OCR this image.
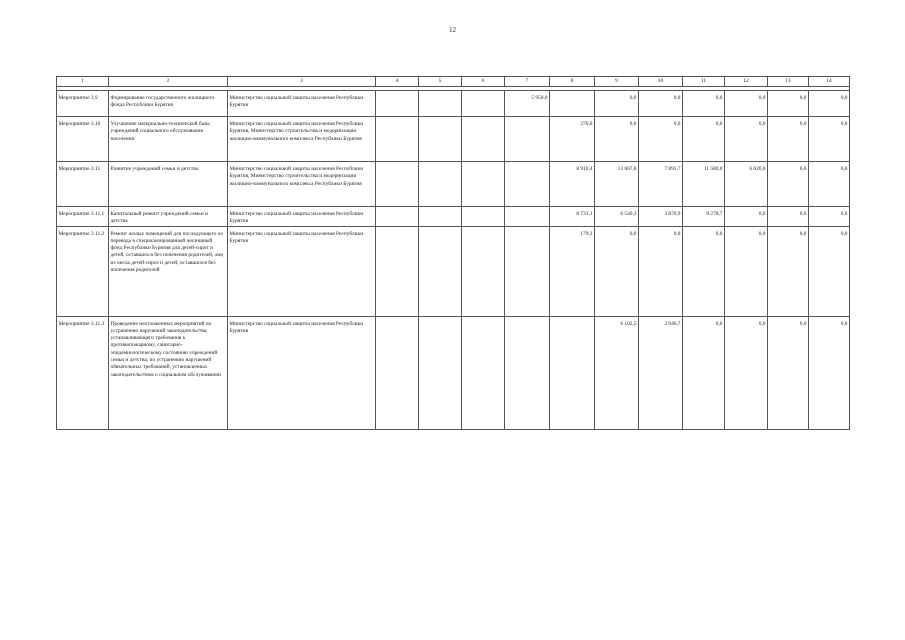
12
1	2	3	4	5	6	7	8	9	10	11	12	13	14

Мероприятие 3.9	Формирование государственного жилищного фонда Республики Бурятия	Министерство социальной защиты населения Республики Бурятия				5 950,0		0,0	0,0	0,0	0,0	0,0	0,0
Мероприятие 3.10	Улучшение материально-технической базы учреждений социального обслуживания населения	Министерство социальной защиты населения Республики Бурятия, Министерство строительства и модернизации жилищно-коммунального комплекса Республики Бурятия					270,0	0,0	0,0	0,0	0,0	0,0	0,0
Мероприятие 3.11	Развитие учреждений семьи и детства	Министерство социальной защиты населения Республики Бурятия, Министерство строительства и модернизации жилищно-коммунального комплекса Республики Бурятия					8 910,4	13 667,8	7 891,7	11 580,0	6 620,6	0,0	0,0
Мероприятие 3.11.1	Капитальный ремонт учреждений семьи и детства	Министерство социальной защиты населения Республики Бурятия					8 731,1	6 540,3	3 870,9	9 278,7	0,0	0,0	0,0
Мероприятие 3.11.2	Ремонт жилых помещений для последующего их перевода в специализированный жилищный фонд Республики Бурятия для детей-сирот и детей, оставшихся без попечения родителей, лиц из числа детей-сирот и детей, оставшихся без попечения родителей	Министерство социальной защиты населения Республики Бурятия					179,3	0,0	0,0	0,0	0,0	0,0	0,0
Мероприятие 3.11.3	Проведение неотложенных мероприятий по устранению нарушений законодательства, устанавливающего требования к противопожарному, санитарно-эпидемиологическому состоянию учреждений семьи и детства, по устранению нарушений обязательных требований, установленных законодательством о социальном обслуживании	Министерство социальной защиты населения Республики Бурятия						6 102,5	2 946,7	0,0	0,0	0,0	0,0
